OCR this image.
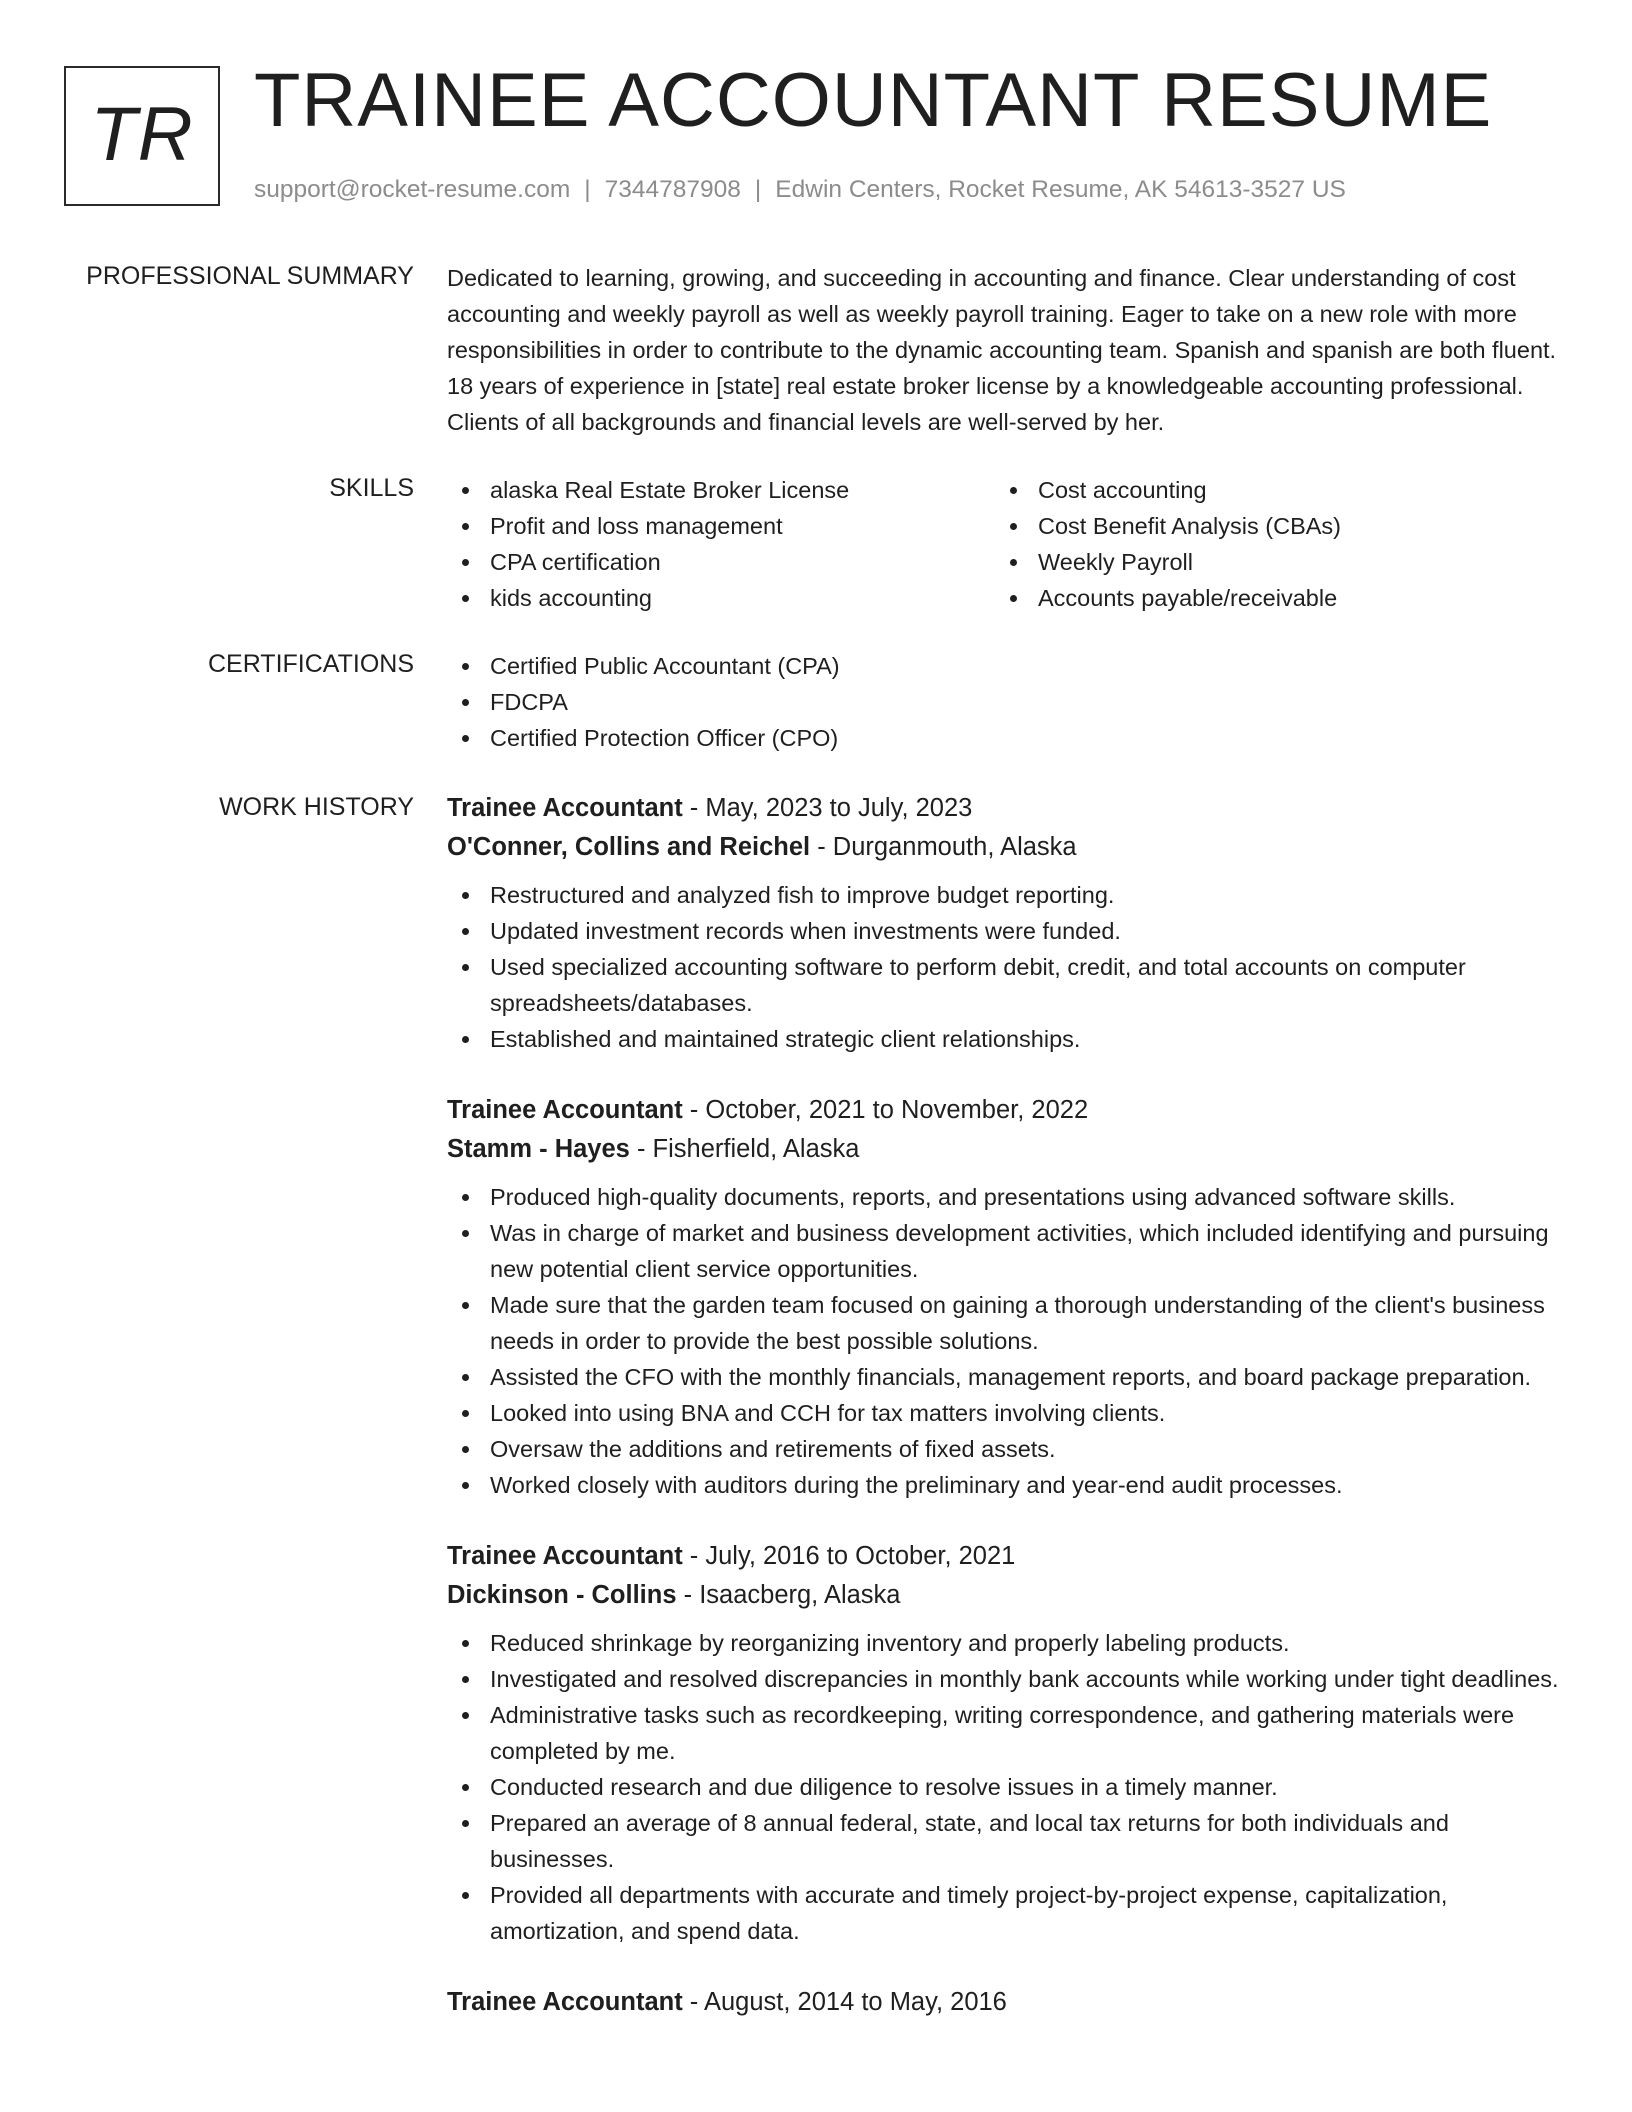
TR TRAINEE ACCOUNTANT RESUME
support@rocket-resume.com | 7344787908 | Edwin Centers, Rocket Resume, AK 54613-3527 US
PROFESSIONAL SUMMARY Dedicated to learning, growing, and succeeding in accounting and finance. Clear understanding of cost accounting and weekly payroll as well as weekly payroll training. Eager to take on a new role with more responsibilities in order to contribute to the dynamic accounting team. Spanish and spanish are both fluent. 18 years of experience in [state] real estate broker license by a knowledgeable accounting professional. Clients of all backgrounds and financial levels are well-served by her.

SKILLS	alaska Real Estate Broker License	Cost accounting
Profit and loss management	Cost Benefit Analysis (CBAs)
CPA certification	Weekly Payroll
kids accounting	Accounts payable/receivable
CERTIFICATIONS	Certified Public Accountant (CPA)
FDCPA
Certified Protection Officer (CPO)
WORK HISTORY Trainee Accountant - May, 2023 to July, 2023
O'Conner, Collins and Reichel - Durganmouth, Alaska
Restructured and analyzed fish to improve budget reporting.
Updated investment records when investments were funded.
Used specialized accounting software to perform debit, credit, and total accounts on computer spreadsheets/databases.
Established and maintained strategic client relationships.
Trainee Accountant - October, 2021 to November, 2022
Stamm - Hayes - Fisherfield, Alaska
Produced high-quality documents, reports, and presentations using advanced software skills.
Was in charge of market and business development activities, which included identifying and pursuing new potential client service opportunities.
Made sure that the garden team focused on gaining a thorough understanding of the client's business needs in order to provide the best possible solutions.
Assisted the CFO with the monthly financials, management reports, and board package preparation.
Looked into using BNA and CCH for tax matters involving clients.
Oversaw the additions and retirements of fixed assets.
Worked closely with auditors during the preliminary and year-end audit processes.
Trainee Accountant - July, 2016 to October, 2021
Dickinson - Collins - Isaacberg, Alaska
Reduced shrinkage by reorganizing inventory and properly labeling products.
Investigated and resolved discrepancies in monthly bank accounts while working under tight deadlines.
Administrative tasks such as recordkeeping, writing correspondence, and gathering materials were completed by me.
Conducted research and due diligence to resolve issues in a timely manner.
Prepared an average of 8 annual federal, state, and local tax returns for both individuals and businesses.
Provided all departments with accurate and timely project-by-project expense, capitalization, amortization, and spend data.
Trainee Accountant - August, 2014 to May, 2016
